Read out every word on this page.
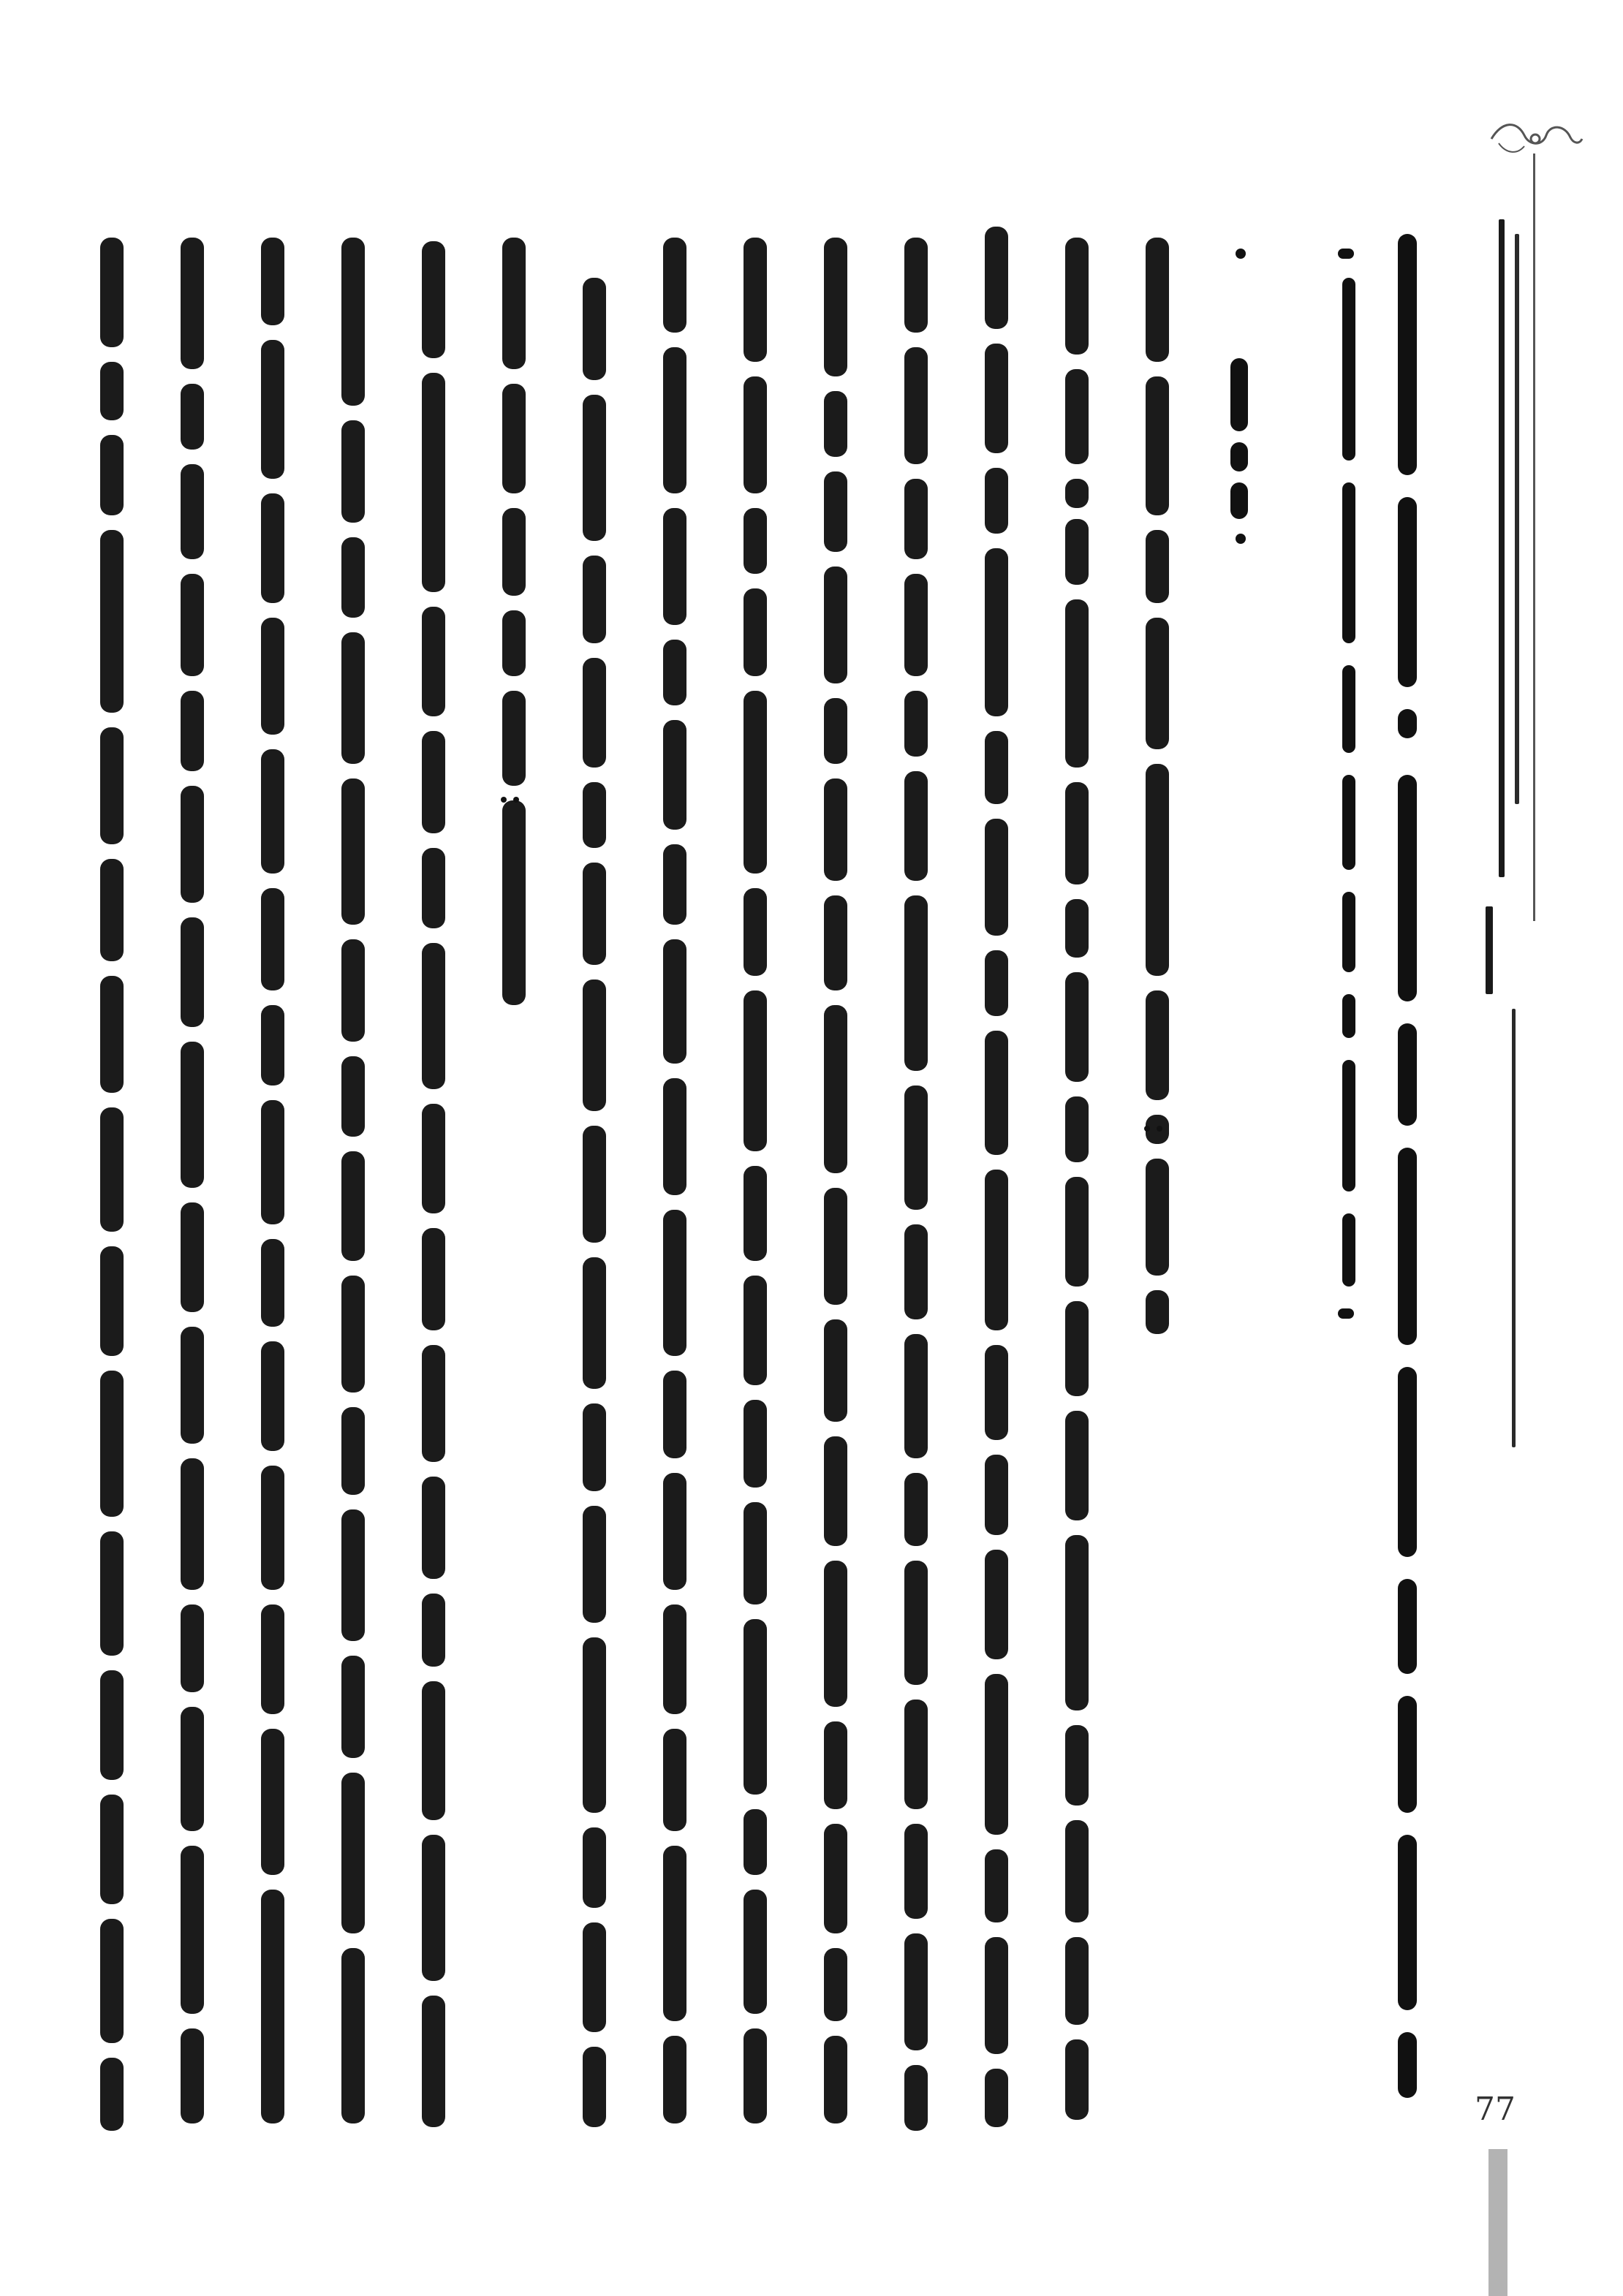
77
